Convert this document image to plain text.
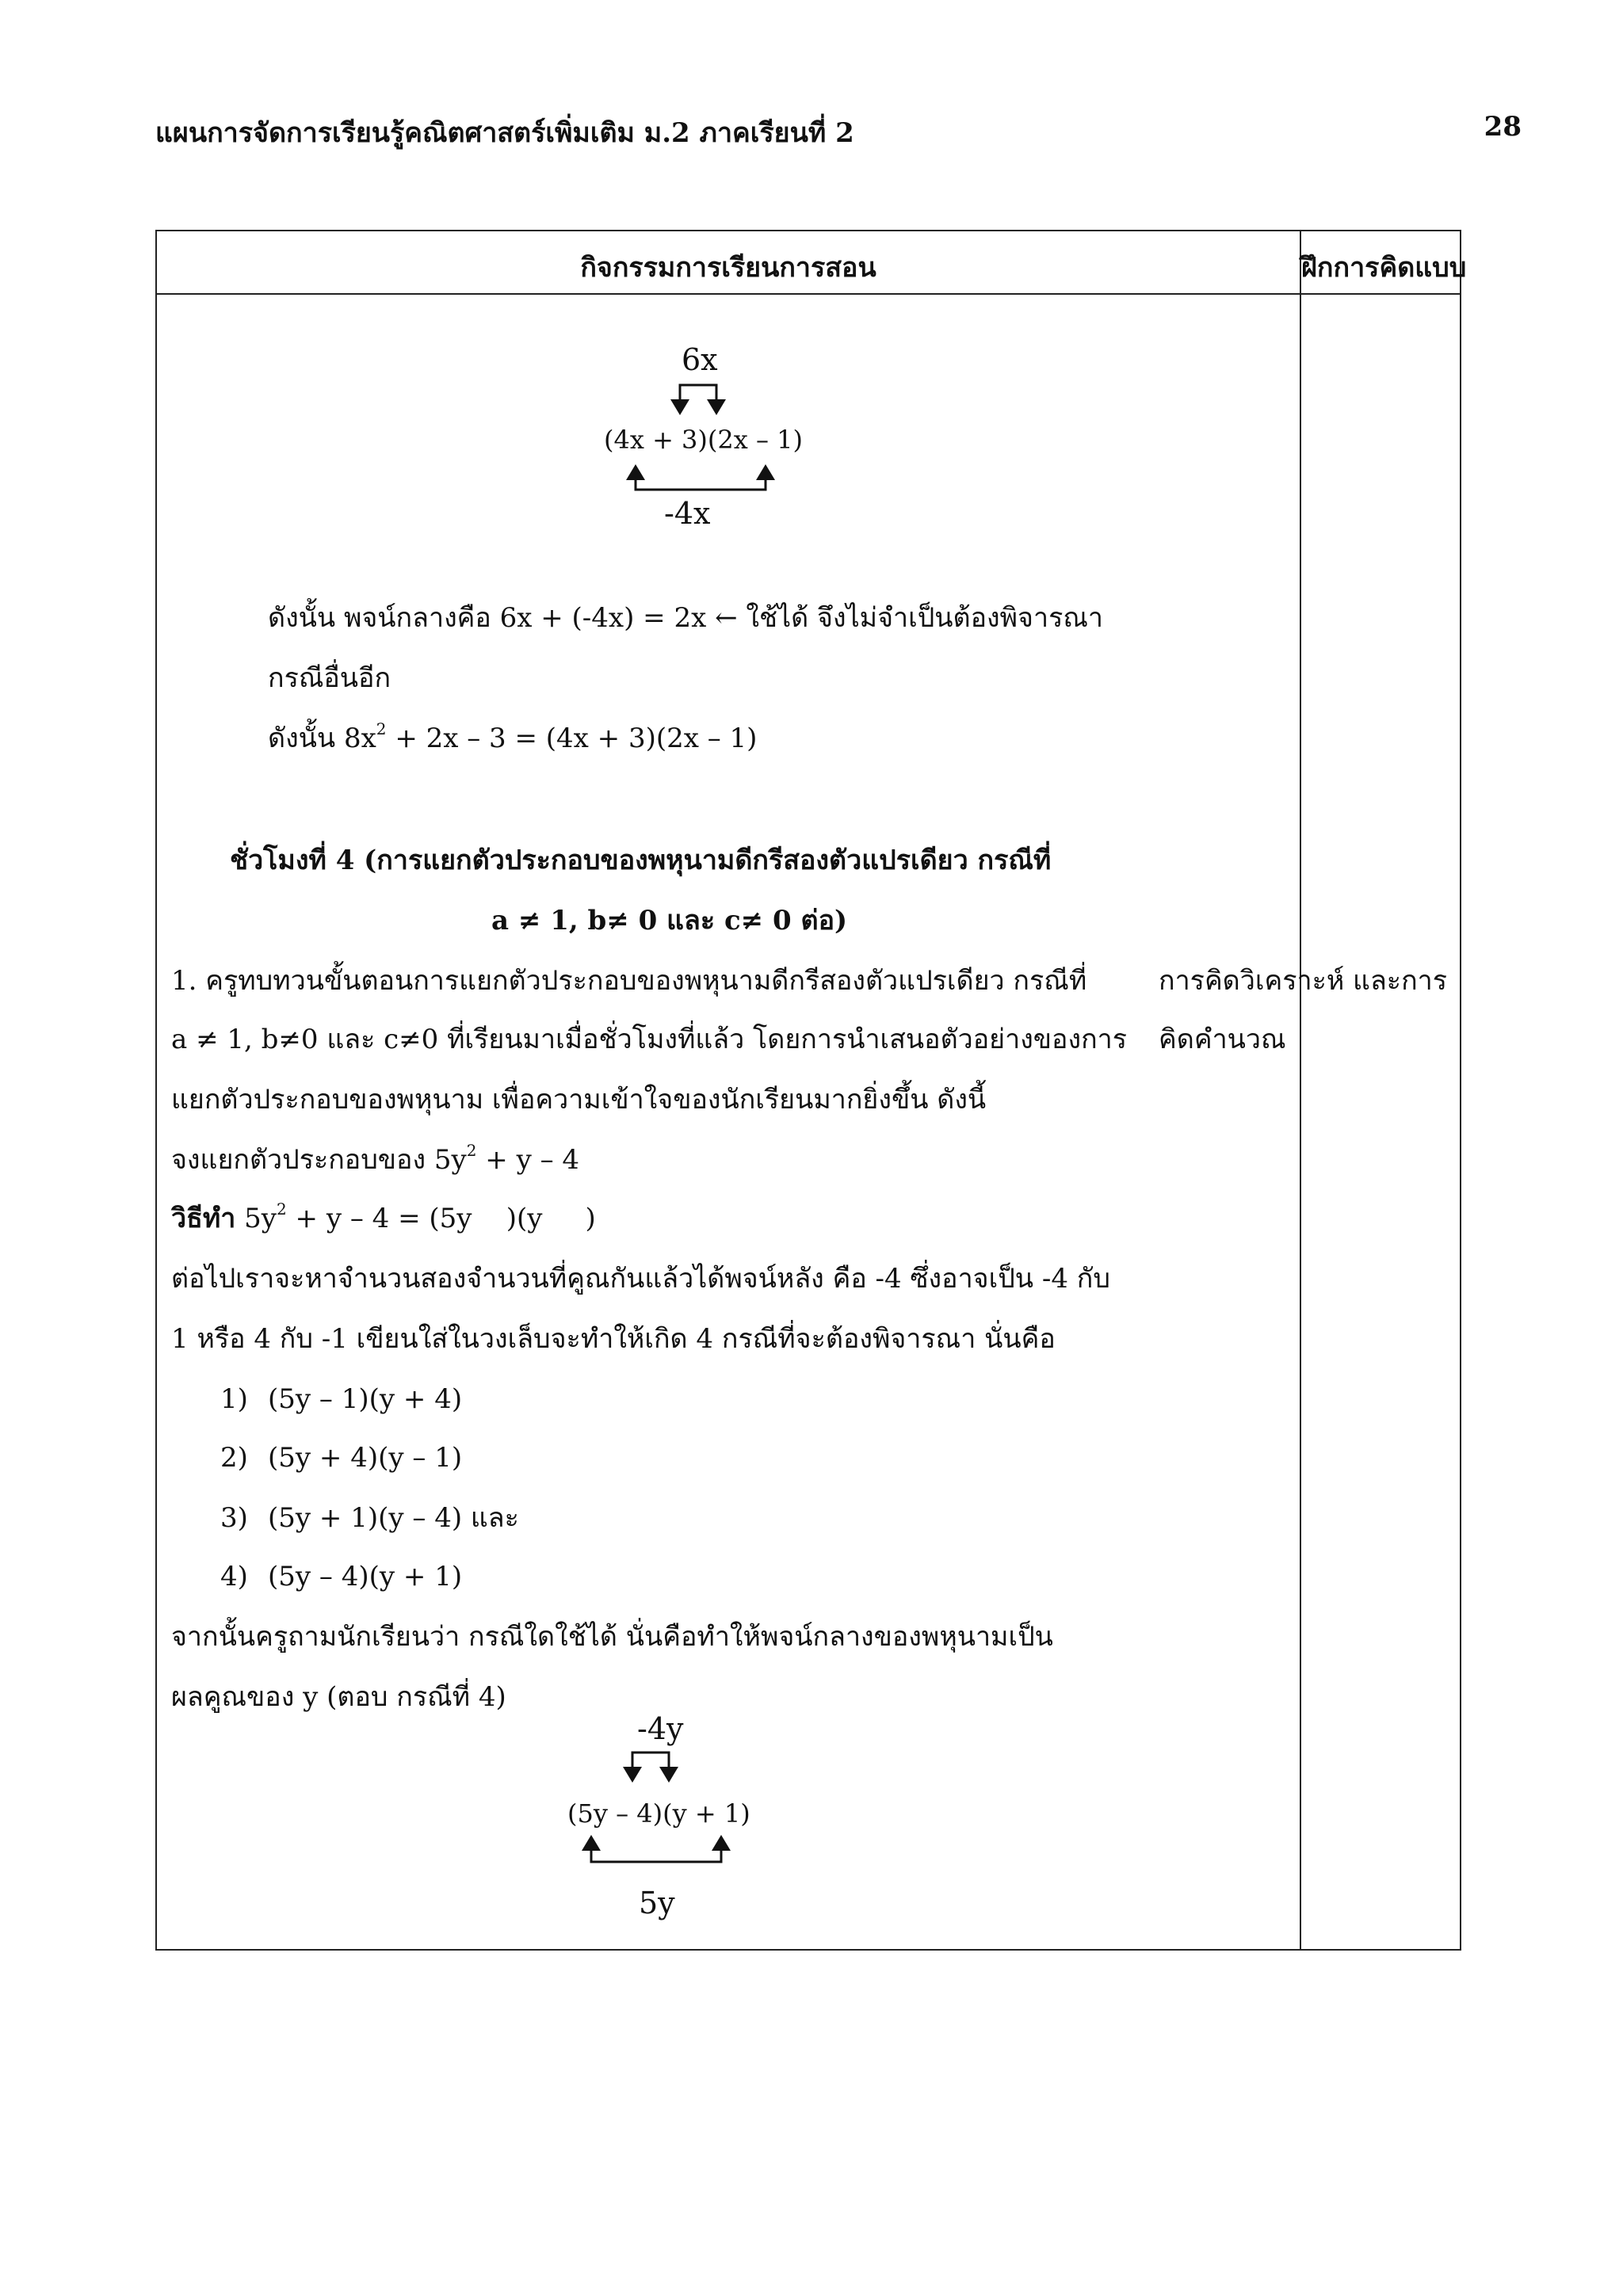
แผนการจัดการเรียนรู้คณิตศาสตร์เพิ่มเติม ม.2 ภาคเรียนที่ 2	28
กิจกรรมการเรียนการสอน	ฝึกการคิดแบบ
6x
(4x + 3)(2x – 1)
-4x
ดังนั้น พจน์กลางคือ 6x + (-4x) = 2x ← ใช้ได้ จึงไม่จำเป็นต้องพิจารณา
กรณีอื่นอีก
ดังนั้น $8x^2 + 2x - 3 = (4x + 3)(2x - 1)$
ชั่วโมงที่ 4 (การแยกตัวประกอบของพหุนามดีกรีสองตัวแปรเดียว กรณีที่
a ≠ 1, b≠ 0 และ c≠ 0 ต่อ)
1. ครูทบทวนขั้นตอนการแยกตัวประกอบของพหุนามดีกรีสองตัวแปรเดียว กรณีที่
a ≠ 1, b≠0 และ c≠0 ที่เรียนมาเมื่อชั่วโมงที่แล้ว โดยการนำเสนอตัวอย่างของการ
แยกตัวประกอบของพหุนาม เพื่อความเข้าใจของนักเรียนมากยิ่งขึ้น ดังนี้
จงแยกตัวประกอบของ $5y^2 + y - 4$
วิธีทำ $5y^2 + y - 4 = (5y$    )(y     )
ต่อไปเราจะหาจำนวนสองจำนวนที่คูณกันแล้วได้พจน์หลัง คือ -4 ซึ่งอาจเป็น -4 กับ
1 หรือ 4 กับ -1 เขียนใส่ในวงเล็บจะทำให้เกิด 4 กรณีที่จะต้องพิจารณา นั่นคือ
1) (5y – 1)(y + 4)
2) (5y + 4)(y – 1)
3) (5y + 1)(y – 4) และ
4) (5y – 4)(y + 1)
จากนั้นครูถามนักเรียนว่า กรณีใดใช้ได้ นั่นคือทำให้พจน์กลางของพหุนามเป็น
ผลคูณของ y (ตอบ กรณีที่ 4)
-4y
(5y – 4)(y + 1)
5y
การคิดวิเคราะห์ และการ
คิดคำนวณ
